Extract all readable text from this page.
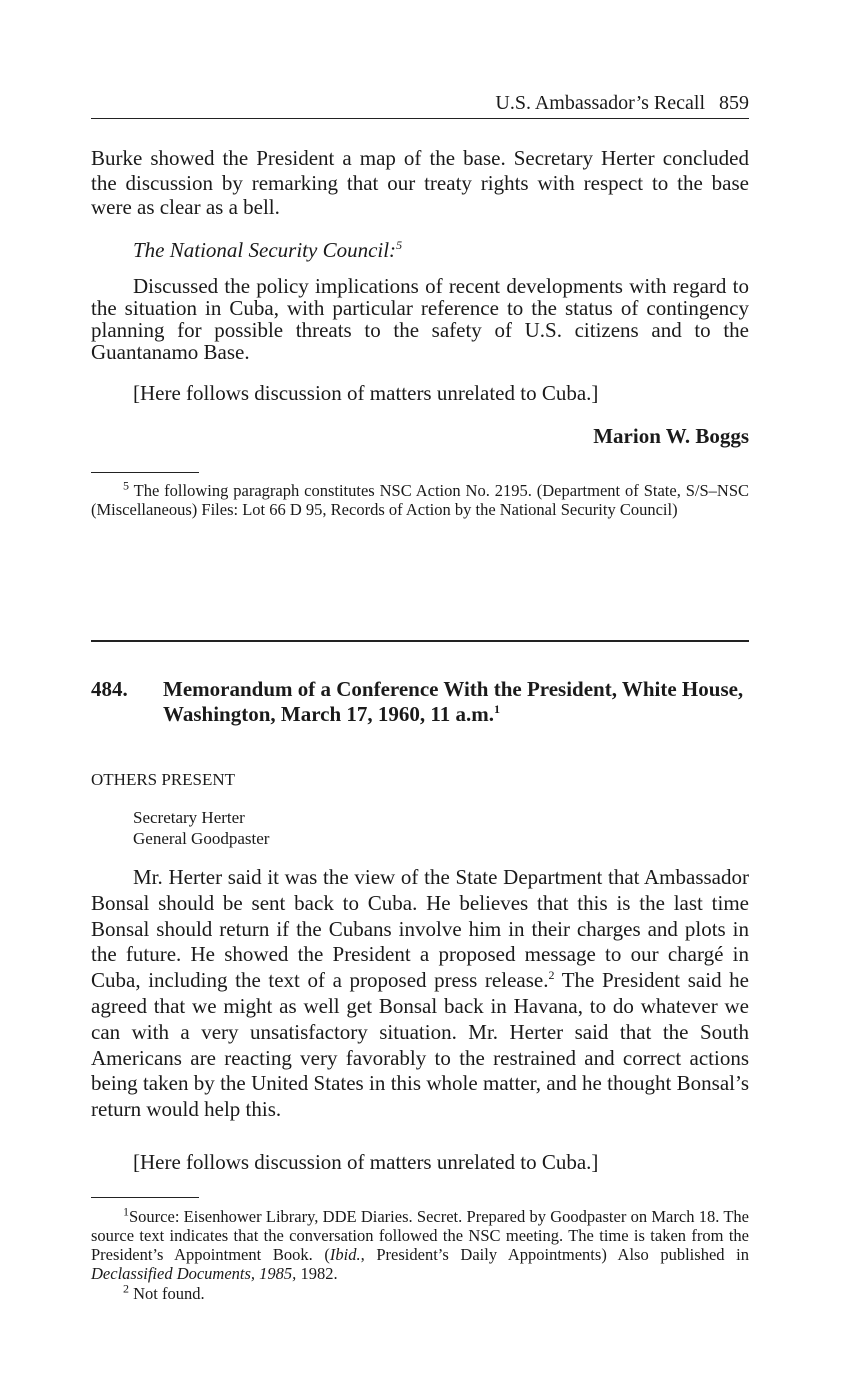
U.S. Ambassador’s Recall 859

Burke showed the President a map of the base. Secretary Herter concluded the discussion by remarking that our treaty rights with respect to the base were as clear as a bell.

The National Security Council:$^5$

Discussed the policy implications of recent developments with regard to the situation in Cuba, with particular reference to the status of contingency planning for possible threats to the safety of U.S. citizens and to the Guantanamo Base.

[Here follows discussion of matters unrelated to Cuba.]

Marion W. Boggs

$^5$ The following paragraph constitutes NSC Action No. 2195. (Department of State, S/S–NSC (Miscellaneous) Files: Lot 66 D 95, Records of Action by the National Security Council)

484.	Memorandum of a Conference With the President, White House, Washington, March 17, 1960, 11 a.m.$^1$
OTHERS PRESENT
Secretary Herter
General Goodpaster

Mr. Herter said it was the view of the State Department that Ambassador Bonsal should be sent back to Cuba. He believes that this is the last time Bonsal should return if the Cubans involve him in their charges and plots in the future. He showed the President a proposed message to our chargé in Cuba, including the text of a proposed press release.$^2$ The President said he agreed that we might as well get Bonsal back in Havana, to do whatever we can with a very unsatisfactory situation. Mr. Herter said that the South Americans are reacting very favorably to the restrained and correct actions being taken by the United States in this whole matter, and he thought Bonsal’s return would help this.

[Here follows discussion of matters unrelated to Cuba.]

$^1$Source: Eisenhower Library, DDE Diaries. Secret. Prepared by Goodpaster on March 18. The source text indicates that the conversation followed the NSC meeting. The time is taken from the President’s Appointment Book. (Ibid., President’s Daily Appointments) Also published in Declassified Documents, 1985, 1982.

$^2$ Not found.
